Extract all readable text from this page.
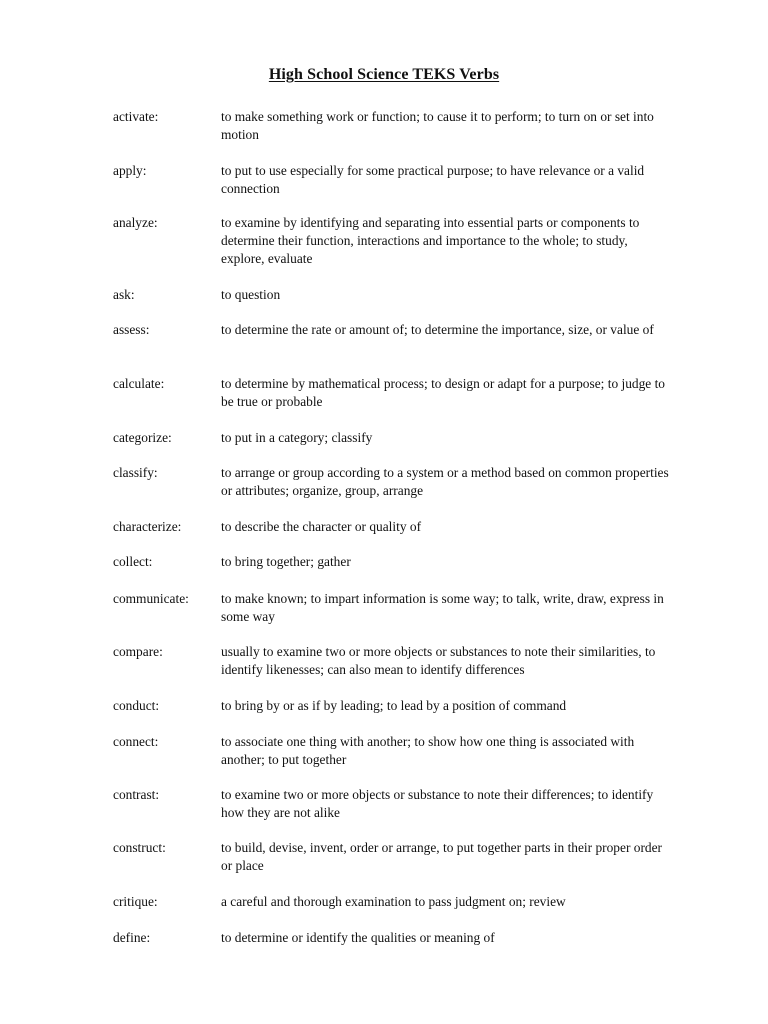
High School Science TEKS Verbs
activate:	to make something work or function; to cause it to perform; to turn on or set into motion
apply:	to put to use especially for some practical purpose; to have relevance or a valid connection
analyze:	to examine by identifying and separating into essential parts or components to determine their function, interactions and importance to the whole; to study, explore, evaluate
ask:	to question
assess:	to determine the rate or amount of; to determine the importance, size, or value of
calculate:	to determine by mathematical process; to design or adapt for a purpose; to judge to be true or probable
categorize:	to put in a category; classify
classify:	to arrange or group according to a system or a method based on common properties or attributes; organize, group, arrange
characterize:	to describe the character or quality of
collect:	to bring together; gather
communicate:	to make known; to impart information is some way; to talk, write, draw, express in some way
compare:	usually to examine two or more objects or substances to note their similarities, to identify likenesses; can also mean to identify differences
conduct:	to bring by or as if by leading; to lead by a position of command
connect:	to associate one thing with another; to show how one thing is associated with another; to put together
contrast:	to examine two or more objects or substance to note their differences; to identify how they are not alike
construct:	to build, devise, invent, order or arrange, to put together parts in their proper order or place
critique:	a careful and thorough examination to pass judgment on; review
define:	to determine or identify the qualities or meaning of
